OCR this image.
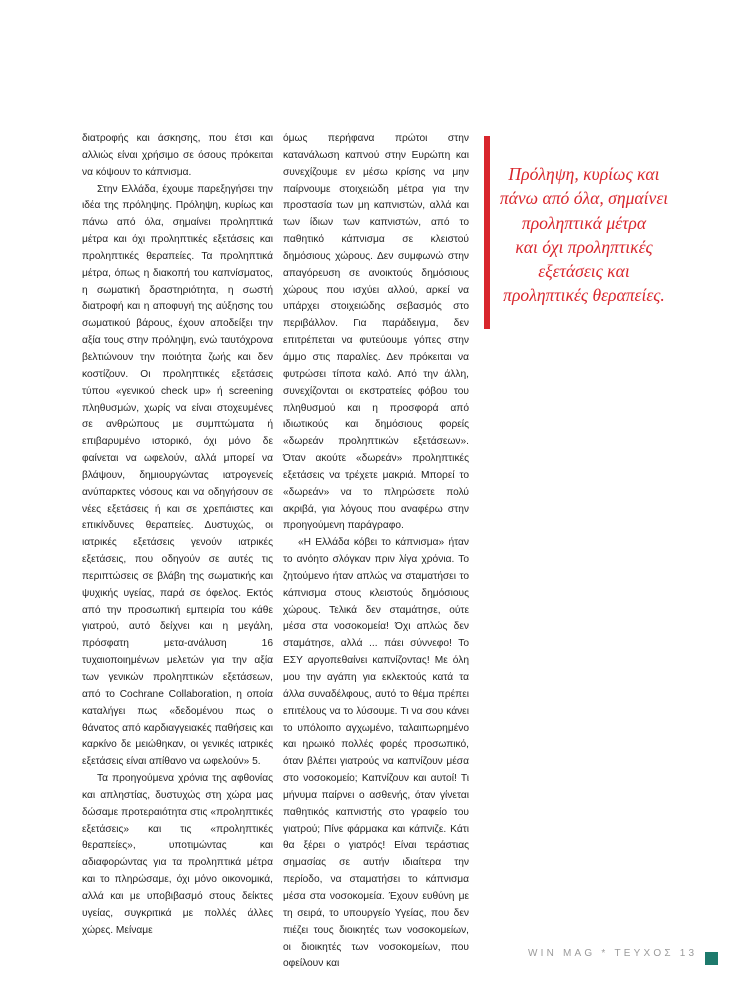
διατροφής και άσκησης, που έτσι και αλλιώς είναι χρήσιμο σε όσους πρόκειται να κόψουν το κάπνισμα.

Στην Ελλάδα, έχουμε παρεξηγήσει την ιδέα της πρόληψης. Πρόληψη, κυρίως και πάνω από όλα, σημαίνει προληπτικά μέτρα και όχι προληπτικές εξετάσεις και προληπτικές θεραπείες. Τα προληπτικά μέτρα, όπως η διακοπή του καπνίσματος, η σωματική δραστηριότητα, η σωστή διατροφή και η αποφυγή της αύξησης του σωματικού βάρους, έχουν αποδείξει την αξία τους στην πρόληψη, ενώ ταυτόχρονα βελτιώνουν την ποιότητα ζωής και δεν κοστίζουν. Οι προληπτικές εξετάσεις τύπου «γενικού check up» ή screening πληθυσμών, χωρίς να είναι στοχευμένες σε ανθρώπους με συμπτώματα ή επιβαρυμένο ιστορικό, όχι μόνο δε φαίνεται να ωφελούν, αλλά μπορεί να βλάψουν, δημιουργώντας ιατρογενείς ανύπαρκτες νόσους και να οδηγήσουν σε νέες εξετάσεις ή και σε χρεπάιστες και επικίνδυνες θεραπείες. Δυστυχώς, οι ιατρικές εξετάσεις γενούν ιατρικές εξετάσεις, που οδηγούν σε αυτές τις περιπτώσεις σε βλάβη της σωματικής και ψυχικής υγείας, παρά σε όφελος. Εκτός από την προσωπική εμπειρία του κάθε γιατρού, αυτό δείχνει και η μεγάλη, πρόσφατη μετα-ανάλυση 16 τυχαιοποιημένων μελετών για την αξία των γενικών προληπτικών εξετάσεων, από το Cochrane Collaboration, η οποία καταλήγει πως «δεδομένου πως ο θάνατος από καρδιαγγειακές παθήσεις και καρκίνο δε μειώθηκαν, οι γενικές ιατρικές εξετάσεις είναι απίθανο να ωφελούν» 5.

Τα προηγούμενα χρόνια της αφθονίας και απληστίας, δυστυχώς στη χώρα μας δώσαμε προτεραιότητα στις «προληπτικές εξετάσεις» και τις «προληπτικές θεραπείες», υποτιμώντας και αδιαφορώντας για τα προληπτικά μέτρα και το πληρώσαμε, όχι μόνο οικονομικά, αλλά και με υποβιβασμό στους δείκτες υγείας, συγκριτικά με πολλές άλλες χώρες. Μείναμε

όμως περήφανα πρώτοι στην κατανάλωση καπνού στην Ευρώπη και συνεχίζουμε εν μέσω κρίσης να μην παίρνουμε στοιχειώδη μέτρα για την προστασία των μη καπνιστών, αλλά και των ίδιων των καπνιστών, από το παθητικό κάπνισμα σε κλειστού δημόσιους χώρους. Δεν συμφωνώ στην απαγόρευση σε ανοικτούς δημόσιους χώρους που ισχύει αλλού, αρκεί να υπάρχει στοιχειώδης σεβασμός στο περιβάλλον. Για παράδειγμα, δεν επιτρέπεται να φυτεύουμε γόπες στην άμμο στις παραλίες. Δεν πρόκειται να φυτρώσει τίποτα καλό. Από την άλλη, συνεχίζονται οι εκστρατείες φόβου του πληθυσμού και η προσφορά από ιδιωτικούς και δημόσιους φορείς «δωρεάν προληπτικών εξετάσεων». Όταν ακούτε «δωρεάν» προληπτικές εξετάσεις να τρέχετε μακριά. Μπορεί το «δωρεάν» να το πληρώσετε πολύ ακριβά, για λόγους που αναφέρω στην προηγούμενη παράγραφο.

«Η Ελλάδα κόβει το κάπνισμα» ήταν το ανόητο σλόγκαν πριν λίγα χρόνια. Το ζητούμενο ήταν απλώς να σταματήσει το κάπνισμα στους κλειστούς δημόσιους χώρους. Τελικά δεν σταμάτησε, ούτε μέσα στα νοσοκομεία! Όχι απλώς δεν σταμάτησε, αλλά ... πάει σύννεφο! Το ΕΣΥ αργοπεθαίνει καπνίζοντας! Με όλη μου την αγάπη για εκλεκτούς κατά τα άλλα συναδέλφους, αυτό το θέμα πρέπει επιτέλους να το λύσουμε. Τι να σου κάνει το υπόλοιπο αγχωμένο, ταλαιπωρημένο και ηρωικό πολλές φορές προσωπικό, όταν βλέπει γιατρούς να καπνίζουν μέσα στο νοσοκομείο; Καπνίζουν και αυτοί! Τι μήνυμα παίρνει ο ασθενής, όταν γίνεται παθητικός καπνιστής στο γραφείο του γιατρού; Πίνε φάρμακα και κάπνιζε. Κάτι θα ξέρει ο γιατρός! Είναι τεράστιας σημασίας σε αυτήν ιδιαίτερα την περίοδο, να σταματήσει το κάπνισμα μέσα στα νοσοκομεία. Έχουν ευθύνη με τη σειρά, το υπουργείο Υγείας, που δεν πιέζει τους διοικητές των νοσοκομείων, οι διοικητές των νοσοκομείων, που οφείλουν και

Πρόληψη, κυρίως και
πάνω από όλα, σημαίνει
προληπτικά μέτρα
και όχι προληπτικές
εξετάσεις και
προληπτικές θεραπείες.
WIN MAG * ΤΕΥΧΟΣ 13
